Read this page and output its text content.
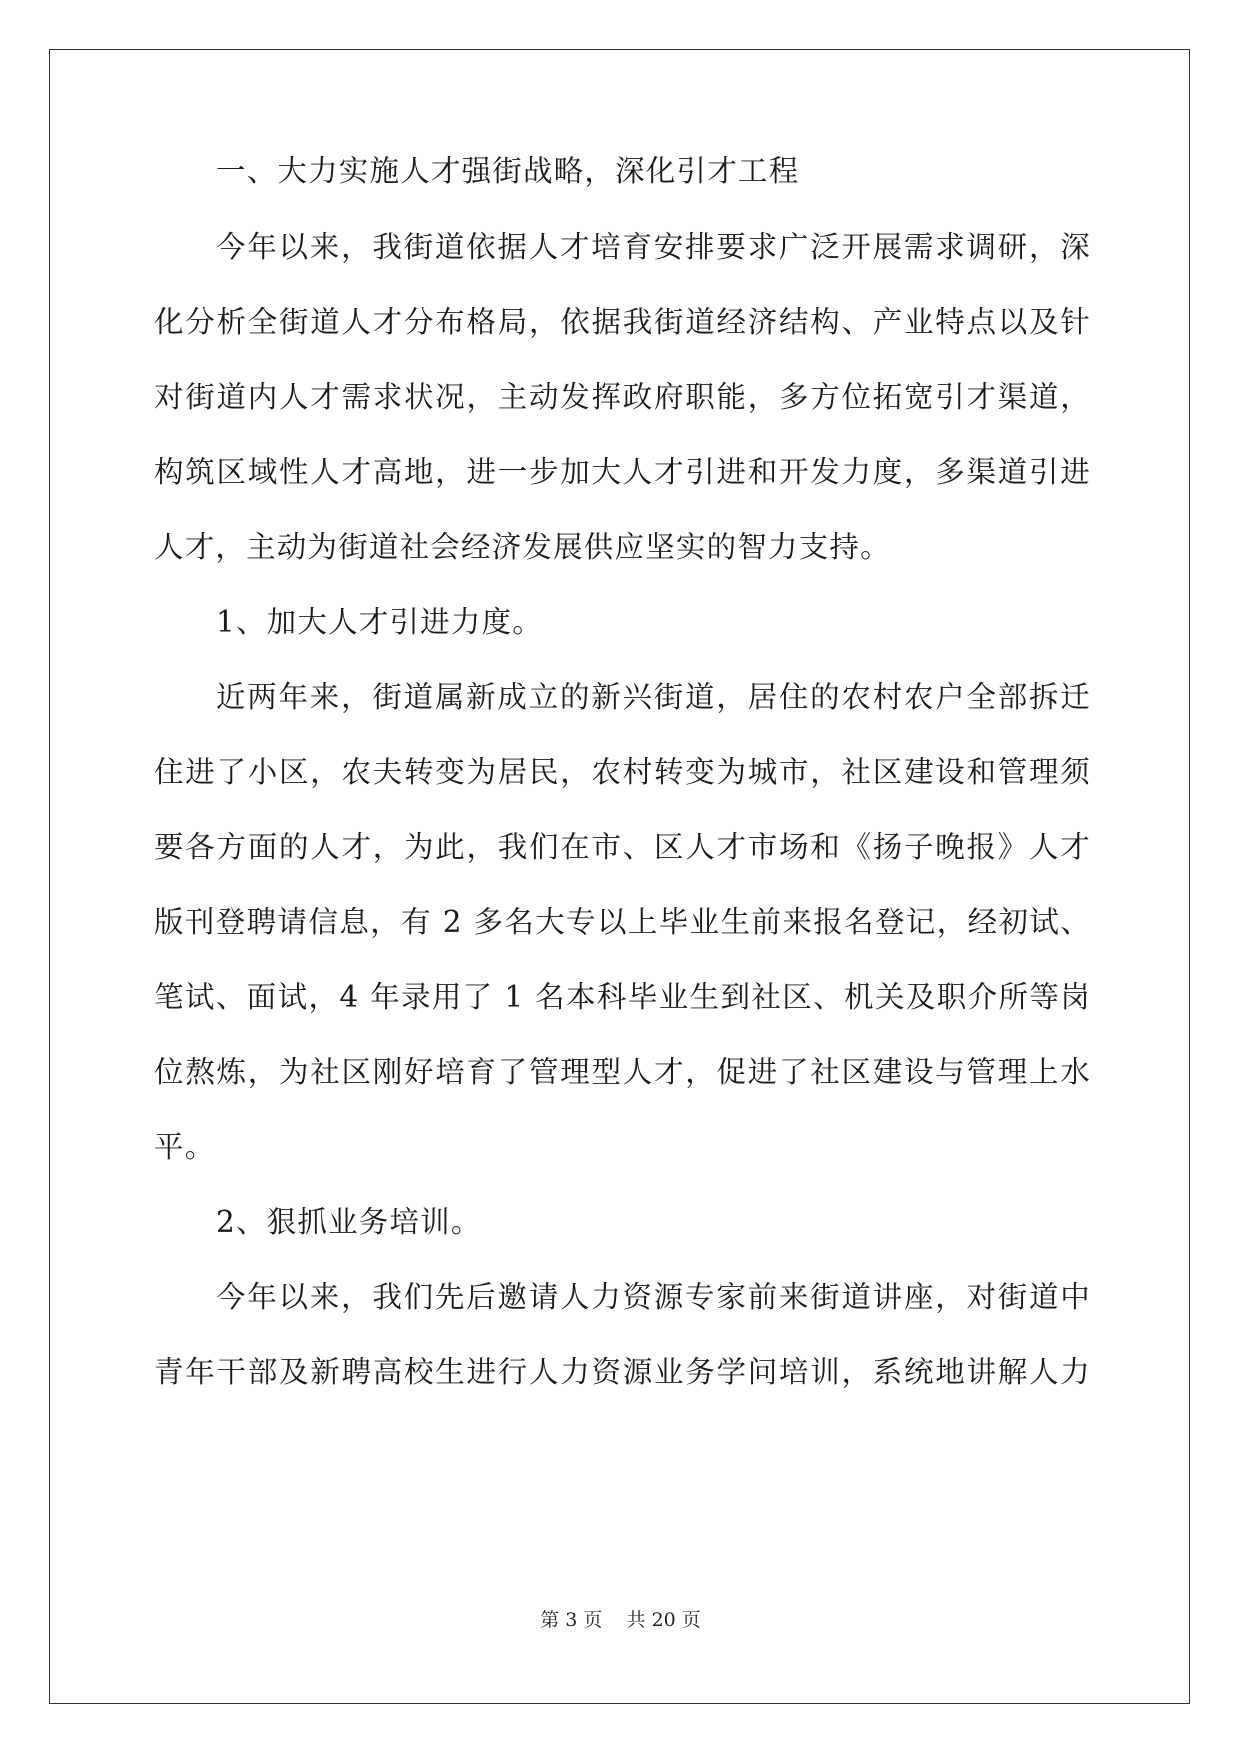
一、大力实施人才强街战略，深化引才工程
今年以来，我街道依据人才培育安排要求广泛开展需求调研，深
化分析全街道人才分布格局，依据我街道经济结构、产业特点以及针
对街道内人才需求状况，主动发挥政府职能，多方位拓宽引才渠道，
构筑区域性人才高地，进一步加大人才引进和开发力度，多渠道引进
人才，主动为街道社会经济发展供应坚实的智力支持。
1、加大人才引进力度。
近两年来，街道属新成立的新兴街道，居住的农村农户全部拆迁
住进了小区，农夫转变为居民，农村转变为城市，社区建设和管理须
要各方面的人才，为此，我们在市、区人才市场和《扬子晚报》人才
版刊登聘请信息，有 2 多名大专以上毕业生前来报名登记，经初试、
笔试、面试，4 年录用了 1 名本科毕业生到社区、机关及职介所等岗
位熬炼，为社区刚好培育了管理型人才，促进了社区建设与管理上水
平。
2、狠抓业务培训。
今年以来，我们先后邀请人力资源专家前来街道讲座，对街道中
青年干部及新聘高校生进行人力资源业务学问培训，系统地讲解人力
第 3 页 共 20 页
